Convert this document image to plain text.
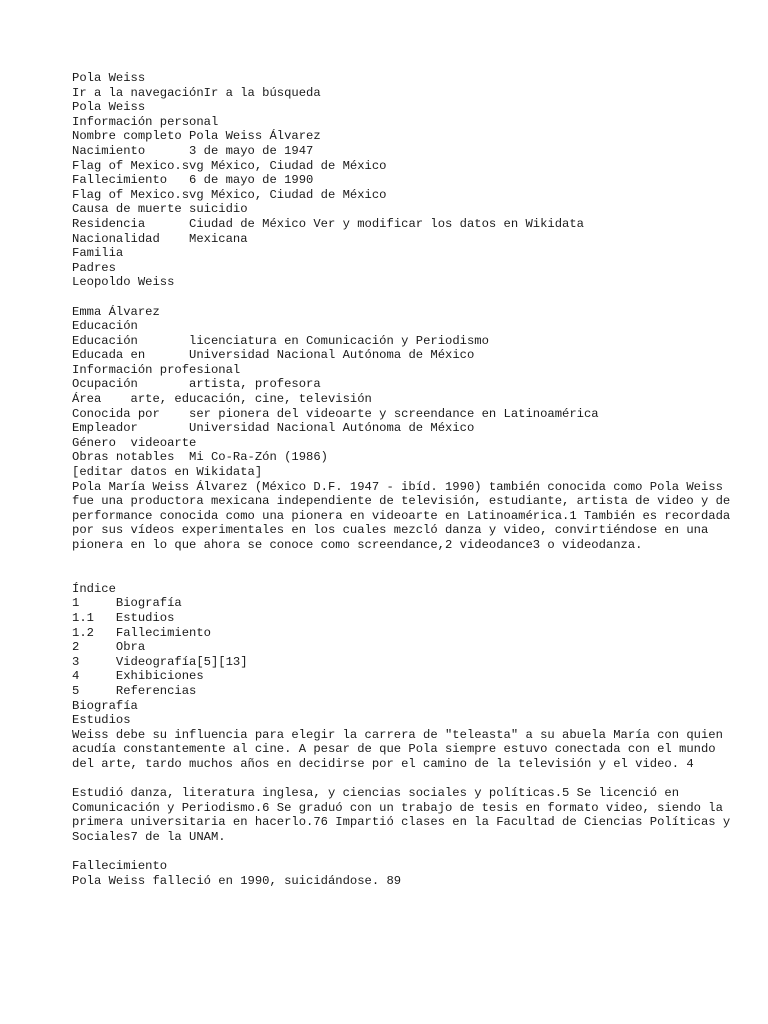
Pola Weiss
Ir a la navegaciónIr a la búsqueda
Pola Weiss
Información personal
Nombre completo	Pola Weiss Álvarez
Nacimiento	3 de mayo de 1947
Flag of Mexico.svg México, Ciudad de México
Fallecimiento	6 de mayo de 1990
Flag of Mexico.svg México, Ciudad de México
Causa de muerte	suicidio
Residencia	Ciudad de México Ver y modificar los datos en Wikidata
Nacionalidad	Mexicana
Familia
Padres
Leopoldo Weiss
Emma Álvarez
Educación
Educación	licenciatura en Comunicación y Periodismo
Educada en	Universidad Nacional Autónoma de México
Información profesional
Ocupación	artista, profesora
Área	arte, educación, cine, televisión
Conocida por	ser pionera del videoarte y screendance en Latinoamérica
Empleador	Universidad Nacional Autónoma de México
Género	videoarte
Obras notables	Mi Co-Ra-Zón (1986)
[editar datos en Wikidata]
Pola María Weiss Álvarez (México D.F. 1947 - ibíd. 1990) también conocida como Pola Weiss fue una productora mexicana independiente de televisión, estudiante, artista de video y de performance conocida como una pionera en videoarte en Latinoamérica.1 También es recordada por sus vídeos experimentales en los cuales mezcló danza y video, convirtiéndose en una pionera en lo que ahora se conoce como screendance,2 videodance3 o videodanza.
Índice
1	Biografía
1.1	Estudios
1.2	Fallecimiento
2	Obra
3	Videografía[5][13]
4	Exhibiciones
5	Referencias
Biografía
Estudios
Weiss debe su influencia para elegir la carrera de "teleasta" a su abuela María con quien acudía constantemente al cine. A pesar de que Pola siempre estuvo conectada con el mundo del arte, tardo muchos años en decidirse por el camino de la televisión y el video. 4
Estudió danza, literatura inglesa, y ciencias sociales y políticas.5 Se licenció en Comunicación y Periodismo.6 Se graduó con un trabajo de tesis en formato video, siendo la primera universitaria en hacerlo.76 Impartió clases en la Facultad de Ciencias Políticas y Sociales7 de la UNAM.
Fallecimiento
Pola Weiss falleció en 1990, suicidándose. 89
